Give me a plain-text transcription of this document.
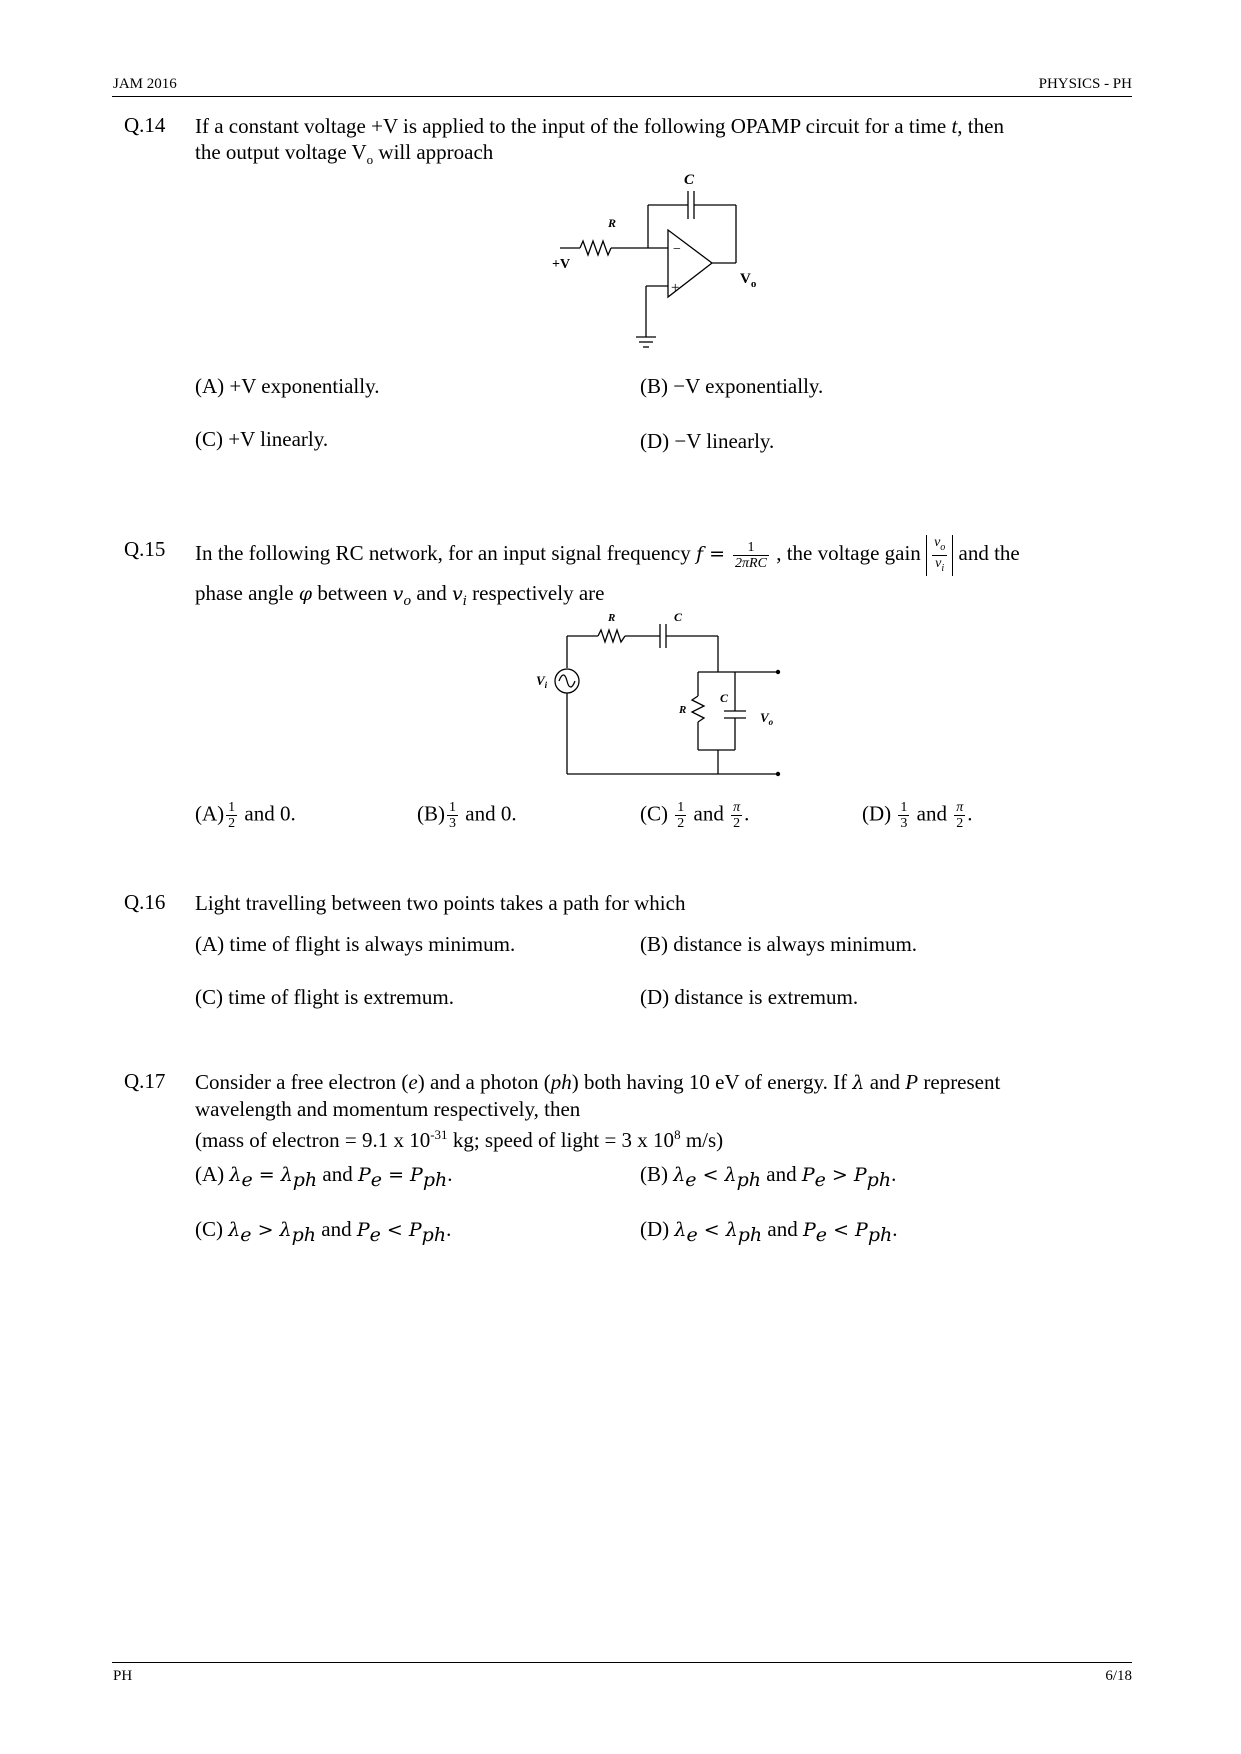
JAM 2016	PHYSICS - PH
Q.14 If a constant voltage +V is applied to the input of the following OPAMP circuit for a time t, then
the output voltage $V_o$ will approach
C
R
+V
−
+
$V_o$
(A) +V exponentially.	(B) −V exponentially.
(C) +V linearly.	(D) −V linearly.
Q.15 In the following RC network, for an input signal frequency $f = \frac{1}{\text{2πRC}}$ , the voltage gain $\frac{v_o}{v_i}$ and the
phase angle φ between $v_o$ and $v_i$ respectively are
R	C
$V_i$
R
C
$V_o$
$(A) \frac{1}{2}$ and 0.	$(B) \frac{1}{3}$ and 0.	$(C) \frac{1}{2}$ and $\frac{\pi}{2}$ .	$(D) \frac{1}{3}$ and $\frac{\pi}{2}$ .
Q.16 Light travelling between two points takes a path for which
(A) time of flight is always minimum.	(B) distance is always minimum.
(C) time of flight is extremum.	(D) distance is extremum.
Q.17 Consider a free electron (e) and a photon (ph) both having 10 eV of energy. If λ and P represent
wavelength and momentum respectively, then
(mass of electron = 9.1 x $10^{-31}$ kg; speed of light = 3 x $10^8$ m/s)
(A) $\lambda_e = \lambda_{ph}$ and $P_e = P_{ph}$.	(B) $\lambda_e < \lambda_{ph}$ and $P_e > P_{ph}$.
(C) $\lambda_e > \lambda_{ph}$ and $P_e < P_{ph}$.	(D) $\lambda_e < \lambda_{ph}$ and $P_e < P_{ph}$.
PH	6/18
